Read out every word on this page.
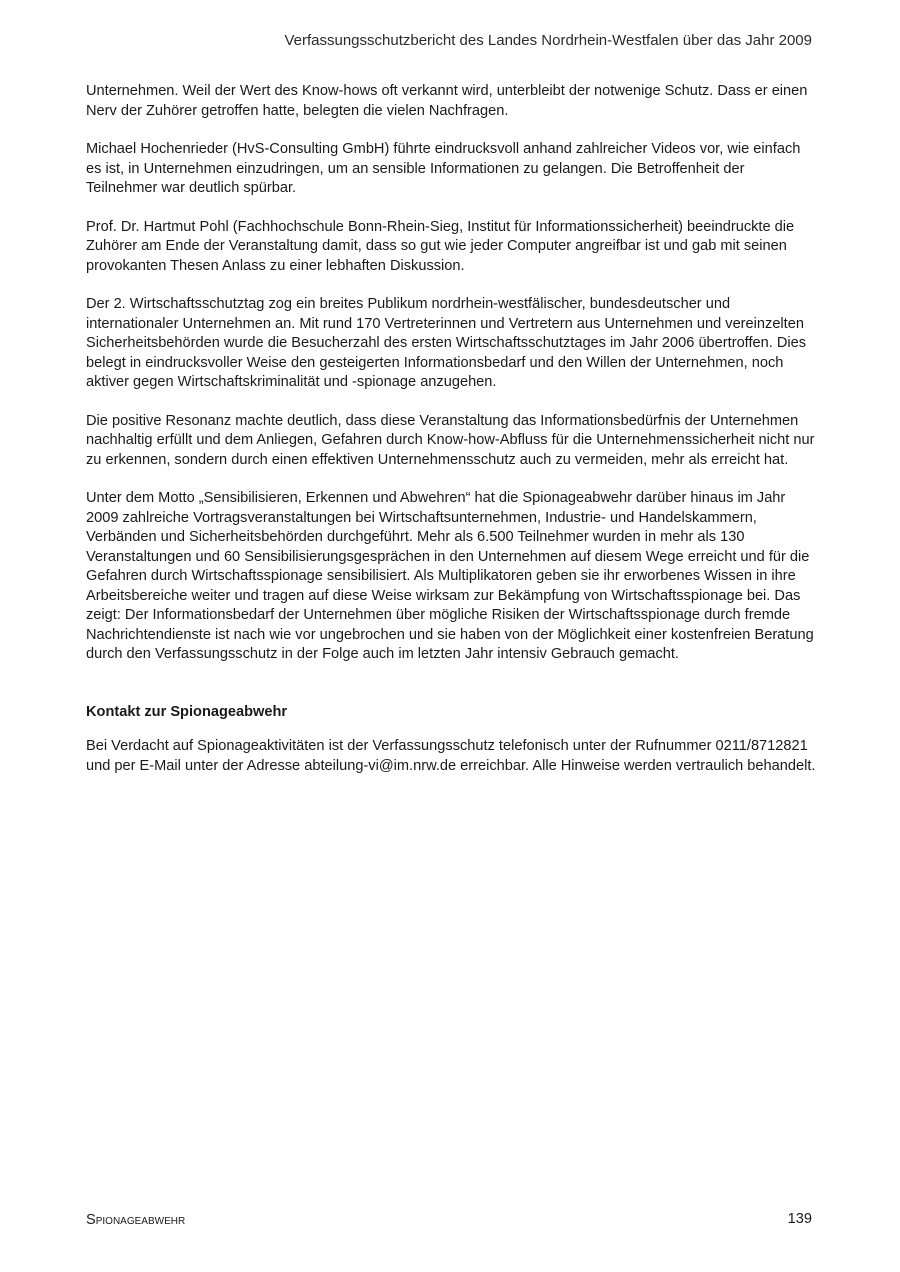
Verfassungsschutzbericht des Landes Nordrhein-Westfalen über das Jahr 2009

Unternehmen. Weil der Wert des Know-hows oft verkannt wird, unterbleibt der notwenige Schutz. Dass er einen Nerv der Zuhörer getroffen hatte, belegten die vielen Nachfragen.

Michael Hochenrieder (HvS-Consulting GmbH) führte eindrucksvoll anhand zahlreicher Videos vor, wie einfach es ist, in Unternehmen einzudringen, um an sensible Informationen zu gelangen. Die Betroffenheit der Teilnehmer war deutlich spürbar.

Prof. Dr. Hartmut Pohl (Fachhochschule Bonn-Rhein-Sieg, Institut für Informationssicherheit) beeindruckte die Zuhörer am Ende der Veranstaltung damit, dass so gut wie jeder Computer angreifbar ist und gab mit seinen provokanten Thesen Anlass zu einer lebhaften Diskussion.

Der 2. Wirtschaftsschutztag zog ein breites Publikum nordrhein-westfälischer, bundesdeutscher und internationaler Unternehmen an. Mit rund 170 Vertreterinnen und Vertretern aus Unternehmen und vereinzelten Sicherheitsbehörden wurde die Besucherzahl des ersten Wirtschaftsschutztages im Jahr 2006 übertroffen. Dies belegt in eindrucksvoller Weise den gesteigerten Informationsbedarf und den Willen der Unternehmen, noch aktiver gegen Wirtschaftskriminalität und -spionage anzugehen.

Die positive Resonanz machte deutlich, dass diese Veranstaltung das Informationsbedürfnis der Unternehmen nachhaltig erfüllt und dem Anliegen, Gefahren durch Know-how-Abfluss für die Unternehmenssicherheit nicht nur zu erkennen, sondern durch einen effektiven Unternehmensschutz auch zu vermeiden, mehr als erreicht hat.

Unter dem Motto „Sensibilisieren, Erkennen und Abwehren“ hat die Spionageabwehr darüber hinaus im Jahr 2009 zahlreiche Vortragsveranstaltungen bei Wirtschaftsunternehmen, Industrie- und Handelskammern, Verbänden und Sicherheitsbehörden durchgeführt. Mehr als 6.500 Teilnehmer wurden in mehr als 130 Veranstaltungen und 60 Sensibilisierungsgesprächen in den Unternehmen auf diesem Wege erreicht und für die Gefahren durch Wirtschaftsspionage sensibilisiert. Als Multiplikatoren geben sie ihr erworbenes Wissen in ihre Arbeitsbereiche weiter und tragen auf diese Weise wirksam zur Bekämpfung von Wirtschaftsspionage bei. Das zeigt: Der Informationsbedarf der Unternehmen über mögliche Risiken der Wirtschaftsspionage durch fremde Nachrichtendienste ist nach wie vor ungebrochen und sie haben von der Möglichkeit einer kostenfreien Beratung durch den Verfassungsschutz in der Folge auch im letzten Jahr intensiv Gebrauch gemacht.

Kontakt zur Spionageabwehr

Bei Verdacht auf Spionageaktivitäten ist der Verfassungsschutz telefonisch unter der Rufnummer 0211/8712821 und per E-Mail unter der Adresse abteilung-vi@im.nrw.de erreichbar. Alle Hinweise werden vertraulich behandelt.

Spionageabwehr	139
